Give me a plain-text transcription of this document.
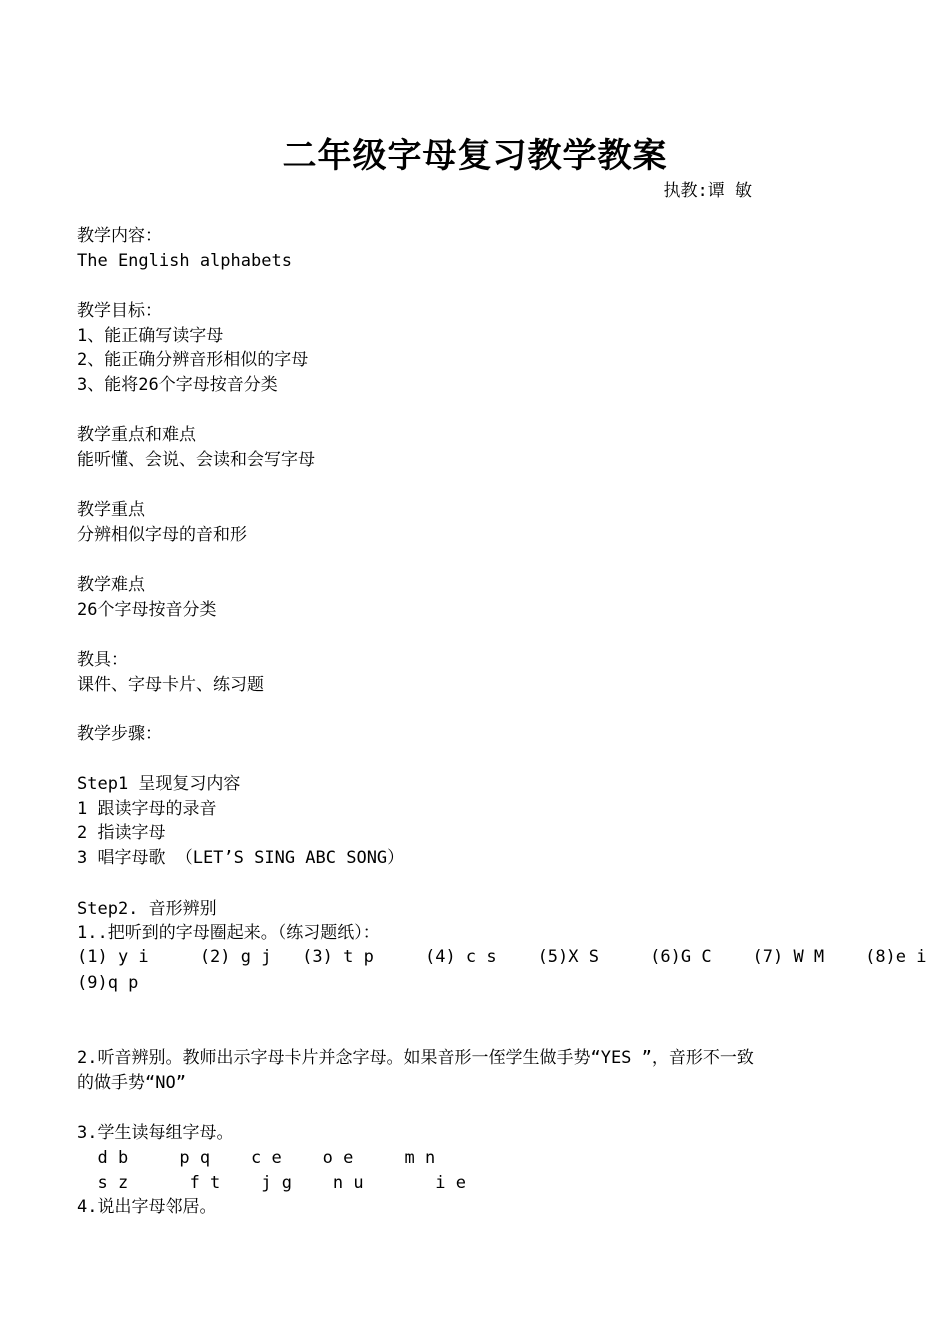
二年级字母复习教学教案
执教:谭 敏
教学内容：
The English alphabets
教学目标：
1、能正确写读字母
2、能正确分辨音形相似的字母
3、能将26个字母按音分类
教学重点和难点
能听懂、会说、会读和会写字母
教学重点
分辨相似字母的音和形
教学难点
26个字母按音分类
教具：
课件、字母卡片、练习题
教学步骤：
Step1 呈现复习内容
1 跟读字母的录音
2 指读字母
3 唱字母歌 （LET’S SING ABC SONG）
Step2. 音形辨别
1..把听到的字母圈起来。（练习题纸）：
(1) y i     (2) g j   (3) t p     (4) c s    (5)X S     (6)G C    (7) W M    (8)e i
(9)q p
2.听音辨别。教师出示字母卡片并念字母。如果音形一侄学生做手势“YES ”，音形不一致
的做手势“NO”
3.学生读每组字母。
d b     p q    c e    o e     m n
s z      f t    j g    n u       i e
4.说出字母邻居。
